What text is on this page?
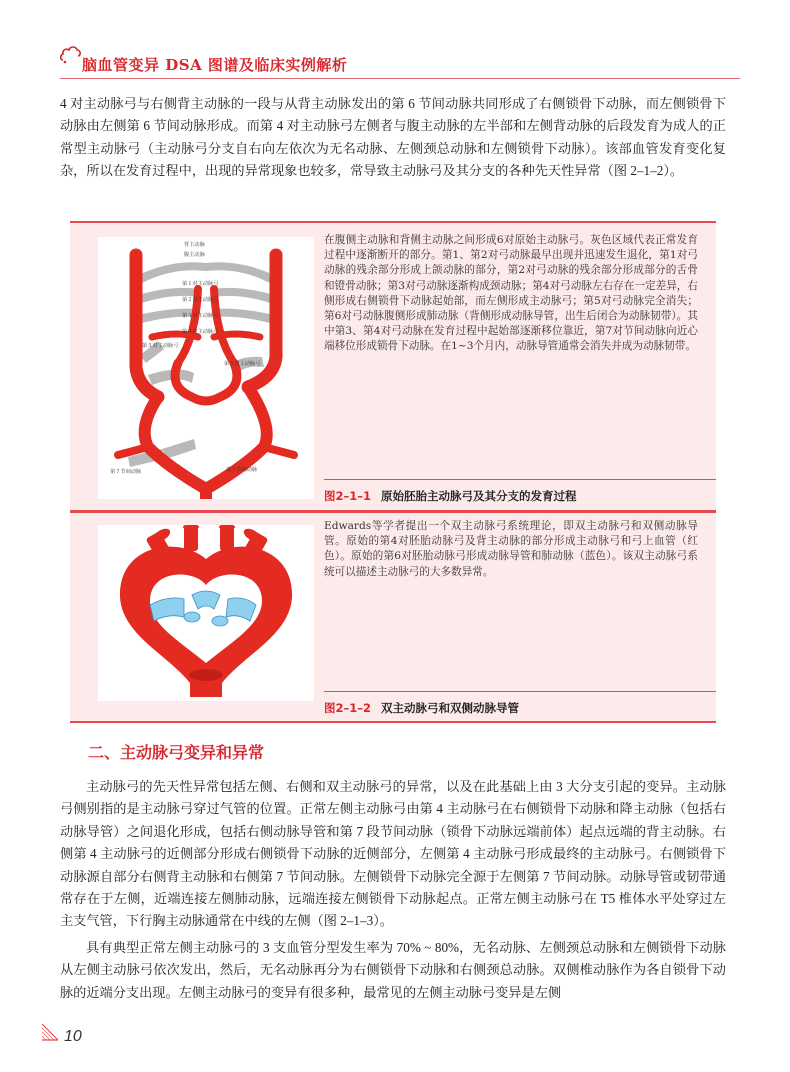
脑血管变异 DSA 图谱及临床实例解析

4 对主动脉弓与右侧背主动脉的一段与从背主动脉发出的第 6 节间动脉共同形成了右侧锁骨下动脉，而左侧锁骨下动脉由左侧第 6 节间动脉形成。而第 4 对主动脉弓左侧者与腹主动脉的左半部和左侧背动脉的后段发育为成人的正常型主动脉弓（主动脉弓分支自右向左依次为无名动脉、左侧颈总动脉和左侧锁骨下动脉）。该部血管发育变化复杂，所以在发育过程中，出现的异常现象也较多，常导致主动脉弓及其分支的各种先天性异常（图 2–1–2）。

背主动脉
腹主动脉
第１对主动脉弓
第２对主动脉弓
第３对主动脉弓
第４对主动脉弓
第５对主动脉弓
第６对主动脉弓
第７节间动脉	第７节间动脉

在腹侧主动脉和背侧主动脉之间形成6对原始主动脉弓。灰色区域代表正常发育过程中逐渐断开的部分。第1、第2对弓动脉最早出现并迅速发生退化，第1对弓动脉的残余部分形成上颌动脉的部分，第2对弓动脉的残余部分形成部分的舌骨和镫骨动脉；第3对弓动脉逐渐构成颈动脉；第4对弓动脉左右存在一定差异，右侧形成右侧锁骨下动脉起始部，而左侧形成主动脉弓；第5对弓动脉完全消失；第6对弓动脉腹侧形成肺动脉（背侧形成动脉导管，出生后闭合为动脉韧带）。其中第3、第4对弓动脉在发育过程中起始部逐渐移位靠近，第7对节间动脉向近心端移位形成锁骨下动脉。在1~3个月内，动脉导管通常会消失并成为动脉韧带。

图2–1–1 原始胚胎主动脉弓及其分支的发育过程

Edwards等学者提出一个双主动脉弓系统理论，即双主动脉弓和双侧动脉导管。原始的第4对胚胎动脉弓及背主动脉的部分形成主动脉弓和弓上血管（红色）。原始的第6对胚胎动脉弓形成动脉导管和肺动脉（蓝色）。该双主动脉弓系统可以描述主动脉弓的大多数异常。

图2–1–2 双主动脉弓和双侧动脉导管
二、主动脉弓变异和异常

主动脉弓的先天性异常包括左侧、右侧和双主动脉弓的异常，以及在此基础上由 3 大分支引起的变异。主动脉弓侧别指的是主动脉弓穿过气管的位置。正常左侧主动脉弓由第 4 主动脉弓在右侧锁骨下动脉和降主动脉（包括右动脉导管）之间退化形成，包括右侧动脉导管和第 7 段节间动脉（锁骨下动脉远端前体）起点远端的背主动脉。右侧第 4 主动脉弓的近侧部分形成右侧锁骨下动脉的近侧部分，左侧第 4 主动脉弓形成最终的主动脉弓。右侧锁骨下动脉源自部分右侧背主动脉和右侧第 7 节间动脉。左侧锁骨下动脉完全源于左侧第 7 节间动脉。动脉导管或韧带通常存在于左侧，近端连接左侧肺动脉，远端连接左侧锁骨下动脉起点。正常左侧主动脉弓在 T5 椎体水平处穿过左主支气管，下行胸主动脉通常在中线的左侧（图 2–1–3）。

具有典型正常左侧主动脉弓的 3 支血管分型发生率为 70% ~ 80%，无名动脉、左侧颈总动脉和左侧锁骨下动脉从左侧主动脉弓依次发出，然后，无名动脉再分为右侧锁骨下动脉和右侧颈总动脉。双侧椎动脉作为各自锁骨下动脉的近端分支出现。左侧主动脉弓的变异有很多种，最常见的左侧主动脉弓变异是左侧

10
